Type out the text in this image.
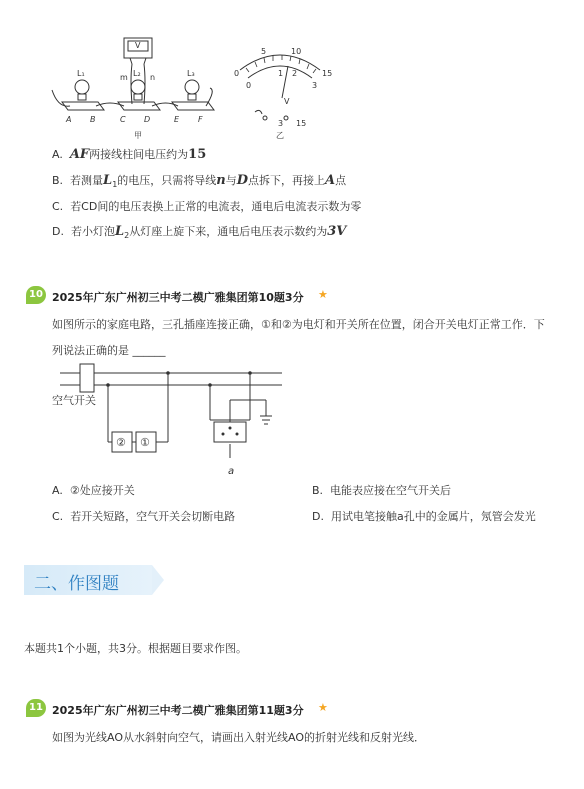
L₁	L₂	L₃
m	n
A B	C D	E F
V
0
5	10
15
0
1 2
3
V
3 15
甲	乙
A. AF两接线柱间电压约为15
B. 若测量$L_1$的电压，只需将导线n与D点拆下，再接上A点
C. 若CD间的电压表换上正常的电流表，通电后电流表示数为零
D. 若小灯泡$L_2$从灯座上旋下来，通电后电压表示数约为3V
10 2025年广东广州初三中考二模广雅集团第10题3分 ★
如图所示的家庭电路，三孔插座连接正确，①和②为电灯和开关所在位置，闭合开关电灯正常工作．下
列说法正确的是 ______
空气开关
② ①
a
A. ②处应接开关	B. 电能表应接在空气开关后
C. 若开关短路，空气开关会切断电路	D. 用试电笔接触a孔中的金属片，氖管会发光
二、作图题
本题共1个小题，共3分。根据题目要求作图。
11 2025年广东广州初三中考二模广雅集团第11题3分 ★
如图为光线AO从水斜射向空气，请画出入射光线AO的折射光线和反射光线．
